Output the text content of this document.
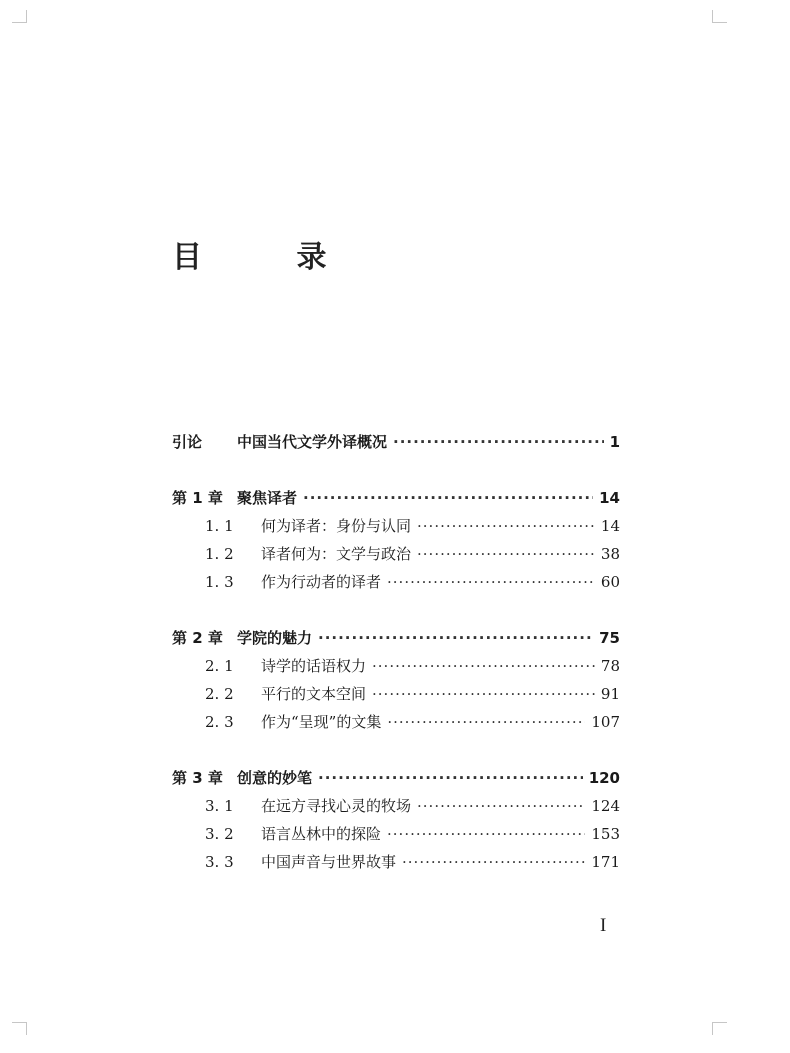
目 录
引论	中国当代文学外译概况 ·····	1
第 1 章 聚焦译者 ·····	14
1. 1	何为译者：身份与认同 ·····	14
1. 2	译者何为：文学与政治 ·····	38
1. 3	作为行动者的译者 ·····	60
第 2 章 学院的魅力 ·····	75
2. 1	诗学的话语权力 ·····	78
2. 2	平行的文本空间 ·····	91
2. 3	作为“呈现”的文集 ·····	107
第 3 章 创意的妙笔 ·····	120
3. 1	在远方寻找心灵的牧场 ·····	124
3. 2	语言丛林中的探险 ·····	153
3. 3	中国声音与世界故事 ·····	171
I
